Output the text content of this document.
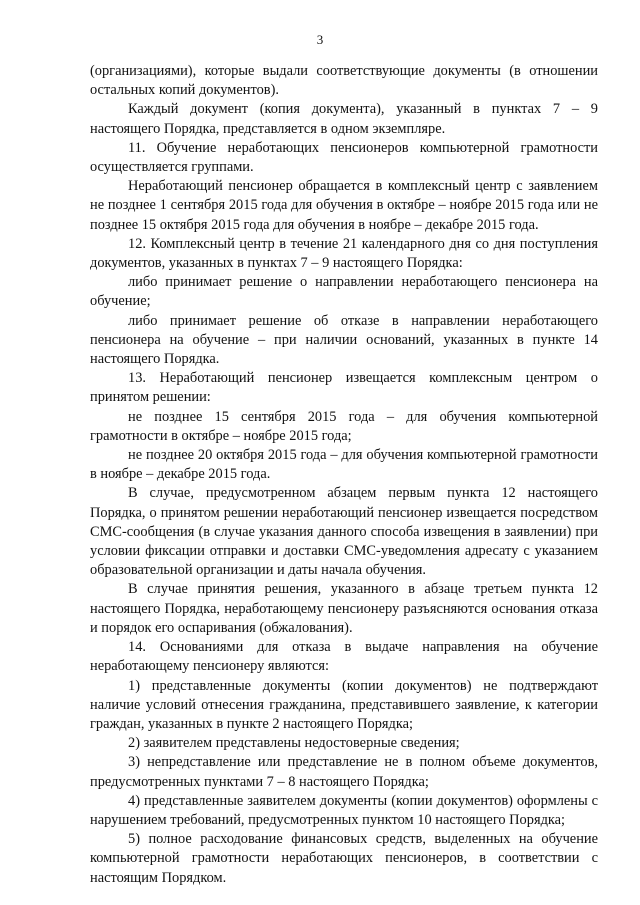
3

(организациями), которые выдали соответствующие документы (в отношении остальных копий документов).

Каждый документ (копия документа), указанный в пунктах 7 – 9 настоящего Порядка, представляется в одном экземпляре.

11. Обучение неработающих пенсионеров компьютерной грамотности осуществляется группами.

Неработающий пенсионер обращается в комплексный центр с заявлением не позднее 1 сентября 2015 года для обучения в октябре – ноябре 2015 года или не позднее 15 октября 2015 года для обучения в ноябре – декабре 2015 года.

12. Комплексный центр в течение 21 календарного дня со дня поступления документов, указанных в пунктах 7 – 9 настоящего Порядка:

либо принимает решение о направлении неработающего пенсионера на обучение;

либо принимает решение об отказе в направлении неработающего пенсионера на обучение – при наличии оснований, указанных в пункте 14 настоящего Порядка.

13. Неработающий пенсионер извещается комплексным центром о принятом решении:

не позднее 15 сентября 2015 года – для обучения компьютерной грамотности в октябре – ноябре 2015 года;

не позднее 20 октября 2015 года – для обучения компьютерной грамотности в ноябре – декабре 2015 года.

В случае, предусмотренном абзацем первым пункта 12 настоящего Порядка, о принятом решении неработающий пенсионер извещается посредством СМС-сообщения (в случае указания данного способа извещения в заявлении) при условии фиксации отправки и доставки СМС-уведомления адресату с указанием образовательной организации и даты начала обучения.

В случае принятия решения, указанного в абзаце третьем пункта 12 настоящего Порядка, неработающему пенсионеру разъясняются основания отказа и порядок его оспаривания (обжалования).

14. Основаниями для отказа в выдаче направления на обучение неработающему пенсионеру являются:

1) представленные документы (копии документов) не подтверждают наличие условий отнесения гражданина, представившего заявление, к категории граждан, указанных в пункте 2 настоящего Порядка;

2) заявителем представлены недостоверные сведения;

3) непредставление или представление не в полном объеме документов, предусмотренных пунктами 7 – 8 настоящего Порядка;

4) представленные заявителем документы (копии документов) оформлены с нарушением требований, предусмотренных пунктом 10 настоящего Порядка;

5) полное расходование финансовых средств, выделенных на обучение компьютерной грамотности неработающих пенсионеров, в соответствии с настоящим Порядком.
